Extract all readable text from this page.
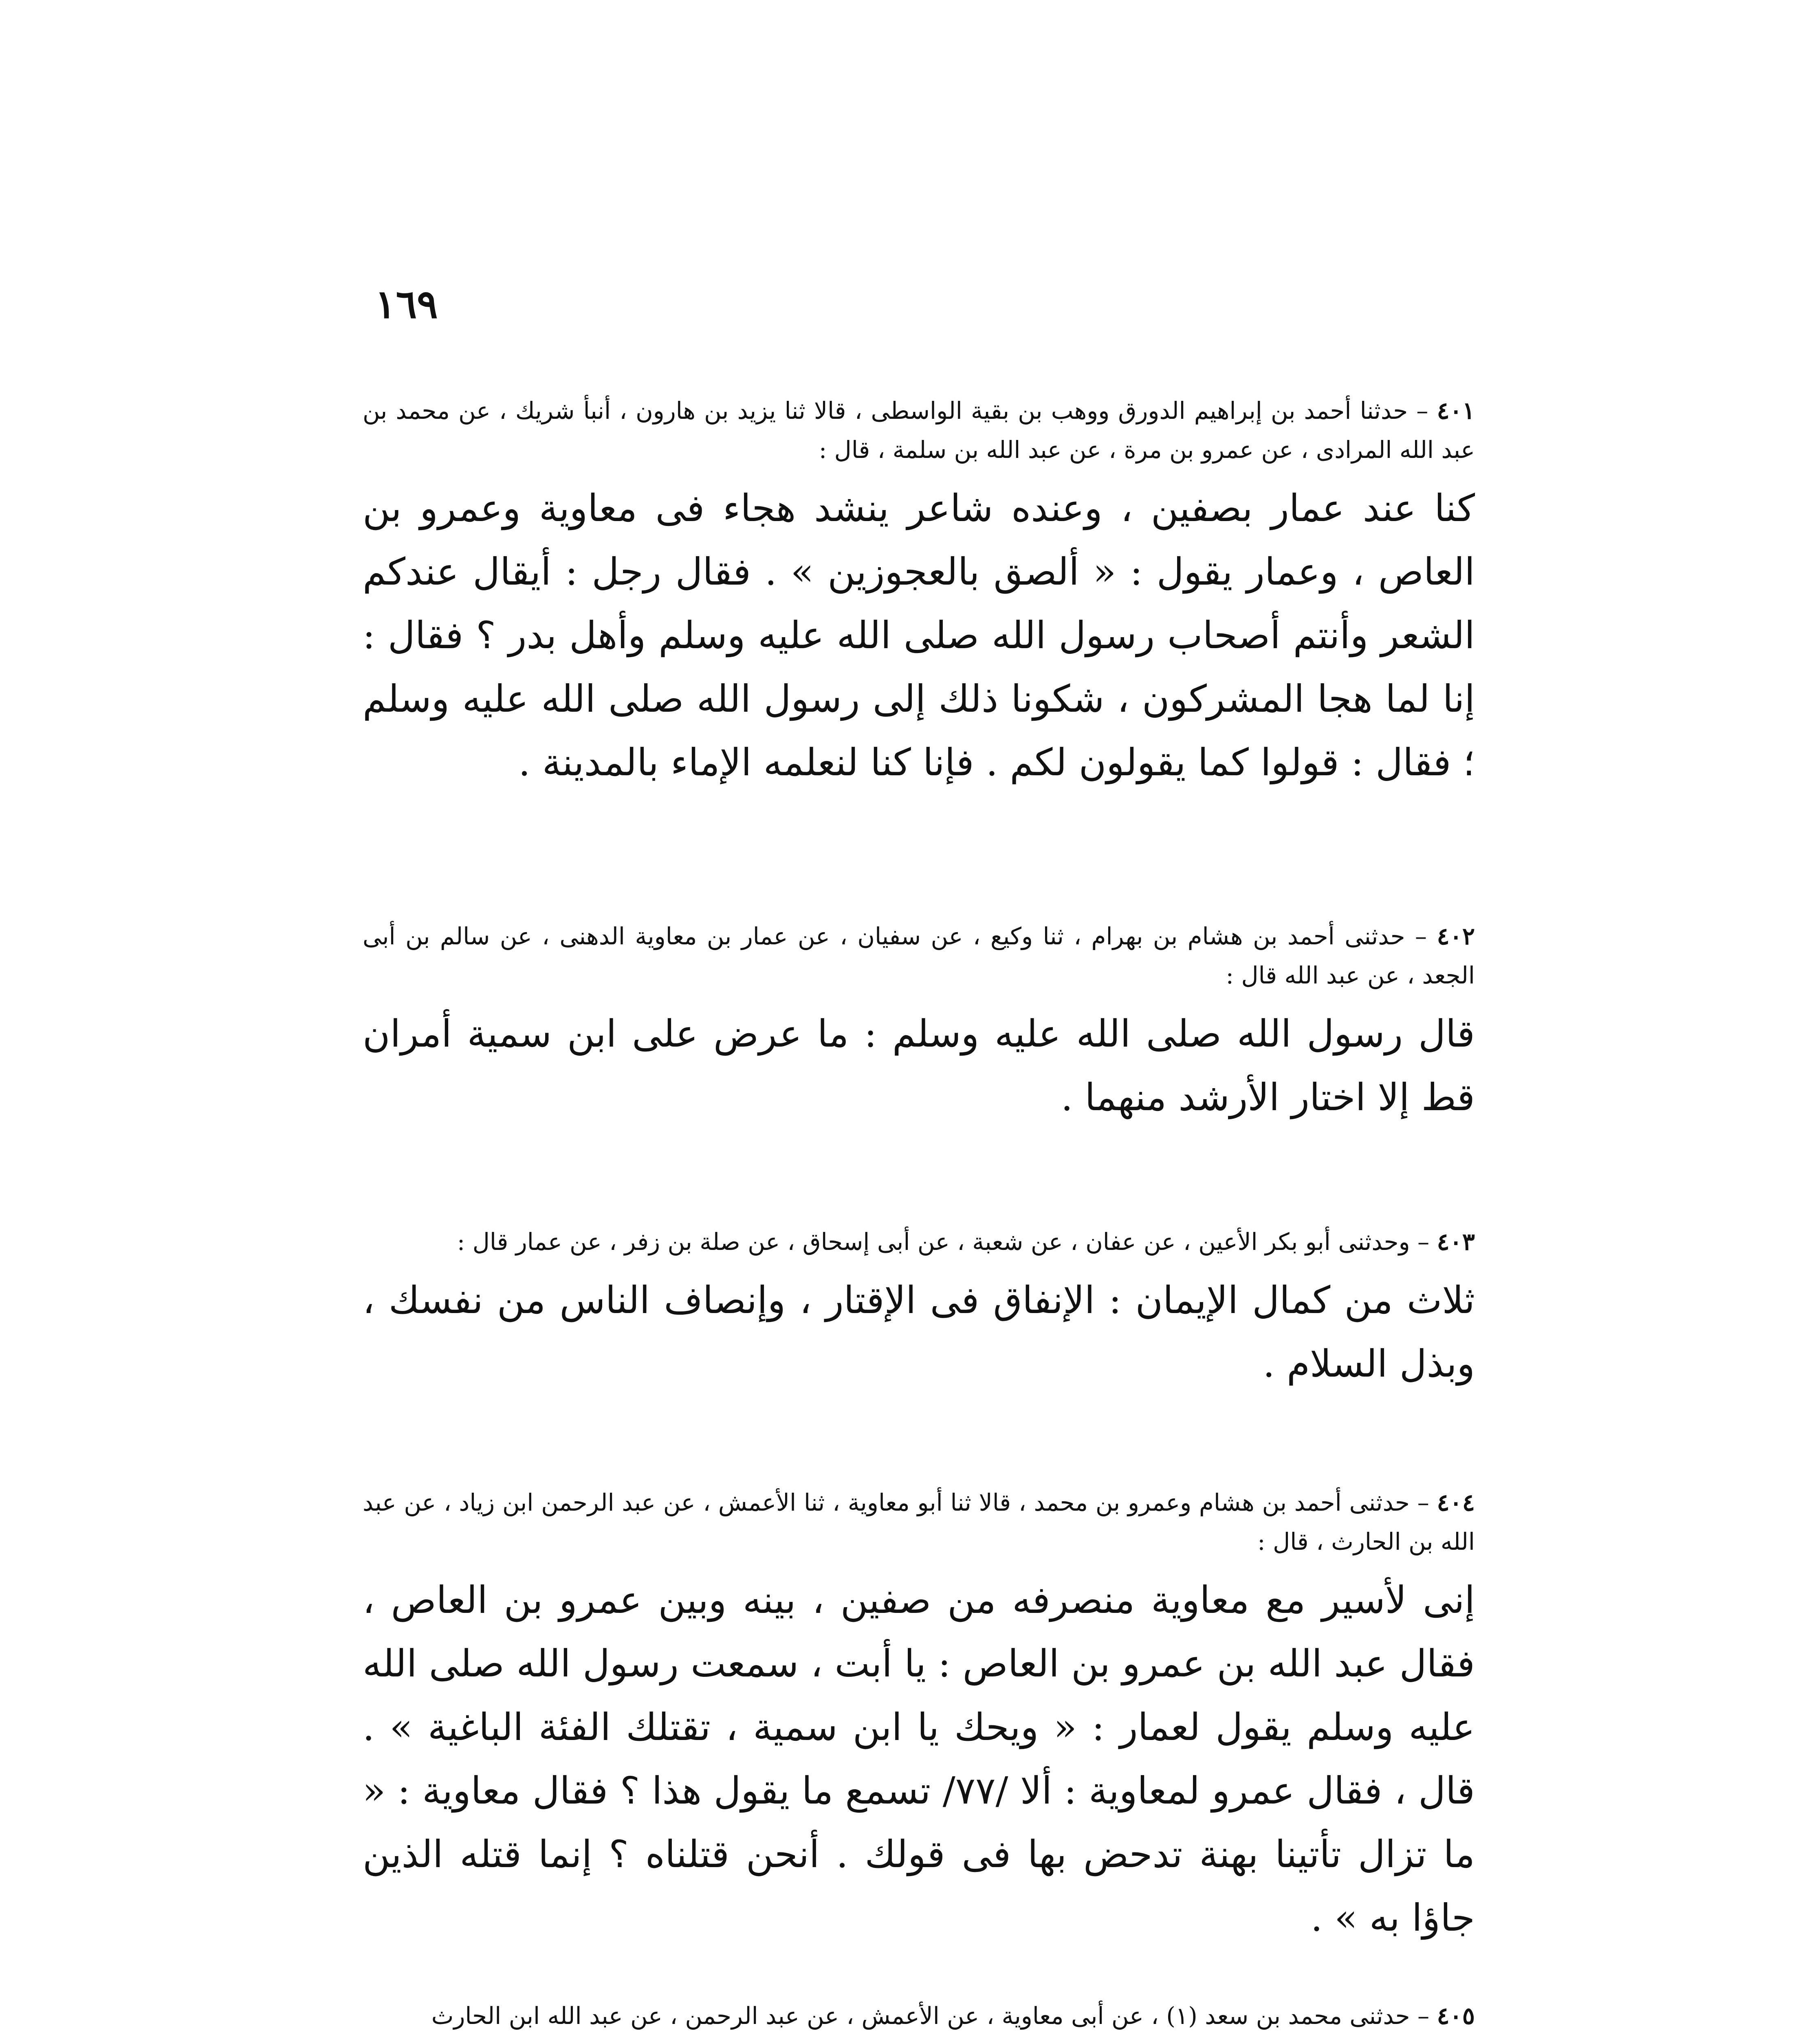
١٦٩

٤٠١ – حدثنا أحمد بن إبراهيم الدورق ووهب بن بقية الواسطى ، قالا ثنا يزيد بن هارون ، أنبأ شريك ، عن محمد بن عبد الله المرادى ، عن عمرو بن مرة ، عن عبد الله بن سلمة ، قال :

كنا عند عمار بصفين ، وعنده شاعر ينشد هجاء فى معاوية وعمرو بن العاص ، وعمار يقول : « ألصق بالعجوزين » . فقال رجل : أيقال عندكم الشعر وأنتم أصحاب رسول الله صلى الله عليه وسلم وأهل بدر ؟ فقال : إنا لما هجا المشركون ، شكونا ذلك إلى رسول الله صلى الله عليه وسلم ؛ فقال : قولوا كما يقولون لكم . فإنا كنا لنعلمه الإماء بالمدينة .

٤٠٢ – حدثنى أحمد بن هشام بن بهرام ، ثنا وكيع ، عن سفيان ، عن عمار بن معاوية الدهنى ، عن سالم بن أبى الجعد ، عن عبد الله قال :

قال رسول الله صلى الله عليه وسلم : ما عرض على ابن سمية أمران قط إلا اختار الأرشد منهما .

٤٠٣ – وحدثنى أبو بكر الأعين ، عن عفان ، عن شعبة ، عن أبى إسحاق ، عن صلة بن زفر ، عن عمار قال :

ثلاث من كمال الإيمان : الإنفاق فى الإقتار ، وإنصاف الناس من نفسك ، وبذل السلام .

٤٠٤ – حدثنى أحمد بن هشام وعمرو بن محمد ، قالا ثنا أبو معاوية ، ثنا الأعمش ، عن عبد الرحمن ابن زياد ، عن عبد الله بن الحارث ، قال :

إنى لأسير مع معاوية منصرفه من صفين ، بينه وبين عمرو بن العاص ، فقال عبد الله بن عمرو بن العاص : يا أبت ، سمعت رسول الله صلى الله عليه وسلم يقول لعمار : « ويحك يا ابن سمية ، تقتلك الفئة الباغية » . قال ، فقال عمرو لمعاوية : ألا /٧٧/ تسمع ما يقول هذا ؟ فقال معاوية : « ما تزال تأتينا بهنة تدحض بها فى قولك . أنحن قتلناه ؟ إنما قتله الذين جاؤا به » .

٤٠٥ – حدثنى محمد بن سعد (١) ، عن أبى معاوية ، عن الأعمش ، عن عبد الرحمن ، عن عبد الله ابن الحارث
